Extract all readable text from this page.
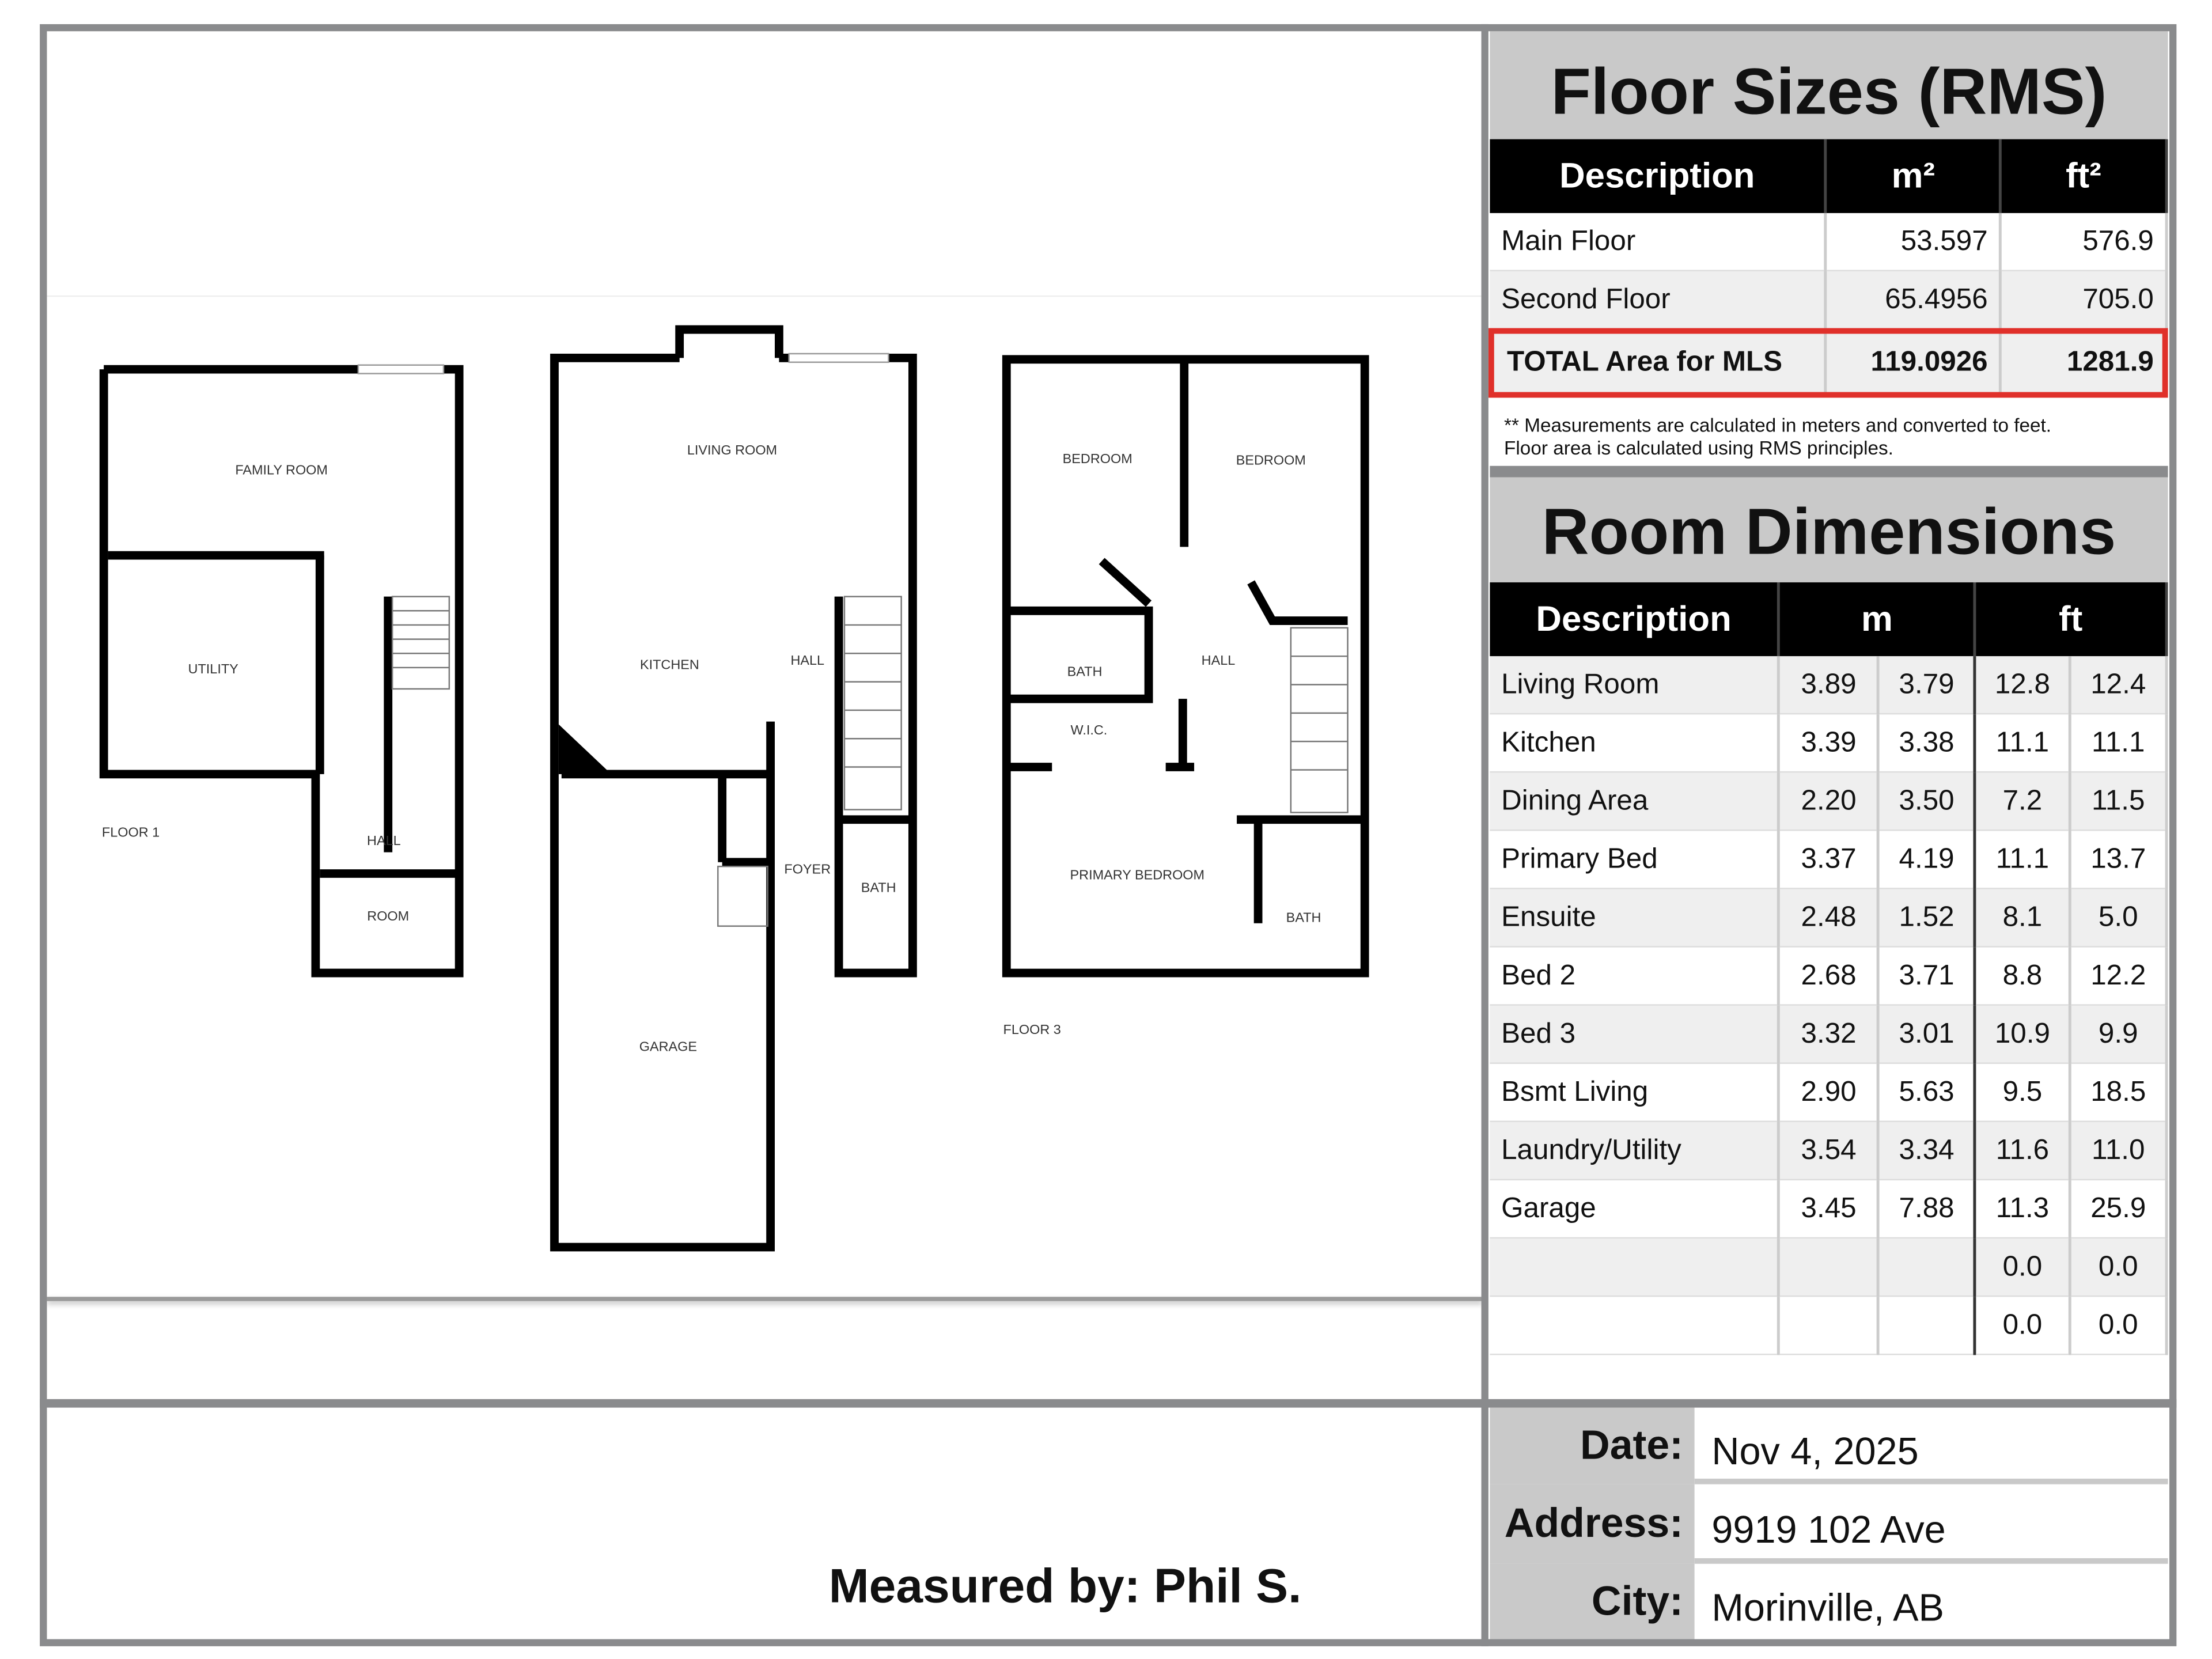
FAMILY ROOM
UTILITY
HALL
ROOM
FLOOR 1
LIVING ROOM
KITCHEN	HALL
FOYER
BATH
GARAGE
BEDROOM	BEDROOM
BATH
HALL
W.I.C.
PRIMARY BEDROOM
BATH
FLOOR 3
Floor Sizes (RMS)
Description	m²	ft²
Main Floor	53.597	576.9
Second Floor	65.4956	705.0
TOTAL Area for MLS	119.0926	1281.9
** Measurements are calculated in meters and converted to feet.
Floor area is calculated using RMS principles.
Room Dimensions
Description	m		ft	
Living Room	3.89	3.79	12.8	12.4
Kitchen	3.39	3.38	11.1	11.1
Dining Area	2.20	3.50	7.2	11.5
Primary Bed	3.37	4.19	11.1	13.7
Ensuite	2.48	1.52	8.1	5.0
Bed 2	2.68	3.71	8.8	12.2
Bed 3	3.32	3.01	10.9	9.9
Bsmt Living	2.90	5.63	9.5	18.5
Laundry/Utility	3.54	3.34	11.6	11.0
Garage	3.45	7.88	11.3	25.9
			0.0	0.0
			0.0	0.0
Date:	Nov 4, 2025
Address:	9919 102 Ave
City:	Morinville, AB
Measured by: Phil S.
